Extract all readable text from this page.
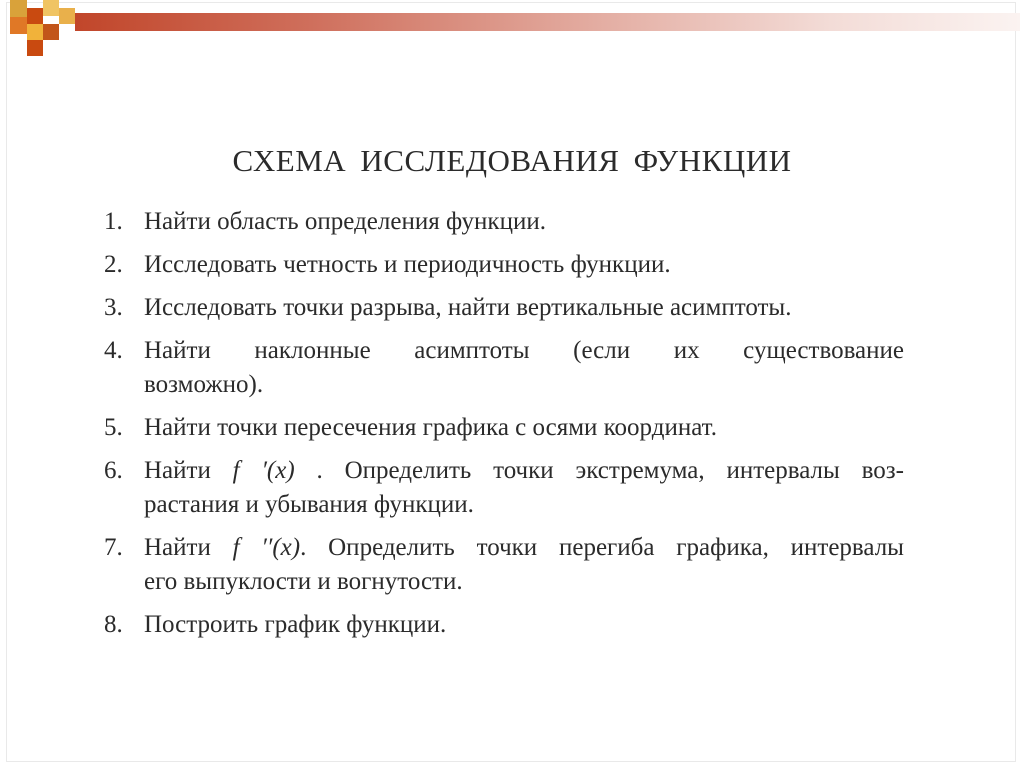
СХЕМА ИССЛЕДОВАНИЯ ФУНКЦИИ
1. Найти область определения функции.
2. Исследовать четность и периодичность функции.
3. Исследовать точки разрыва, найти вертикальные асимптоты.
4. Найти наклонные асимптоты (если их существование
возможно).
5. Найти точки пересечения графика с осями координат.
6. Найти f ′(x) . Определить точки экстремума, интервалы воз-
растания и убывания функции.
7. Найти f ′′(x). Определить точки перегиба графика, интервалы
его выпуклости и вогнутости.
8. Построить график функции.
